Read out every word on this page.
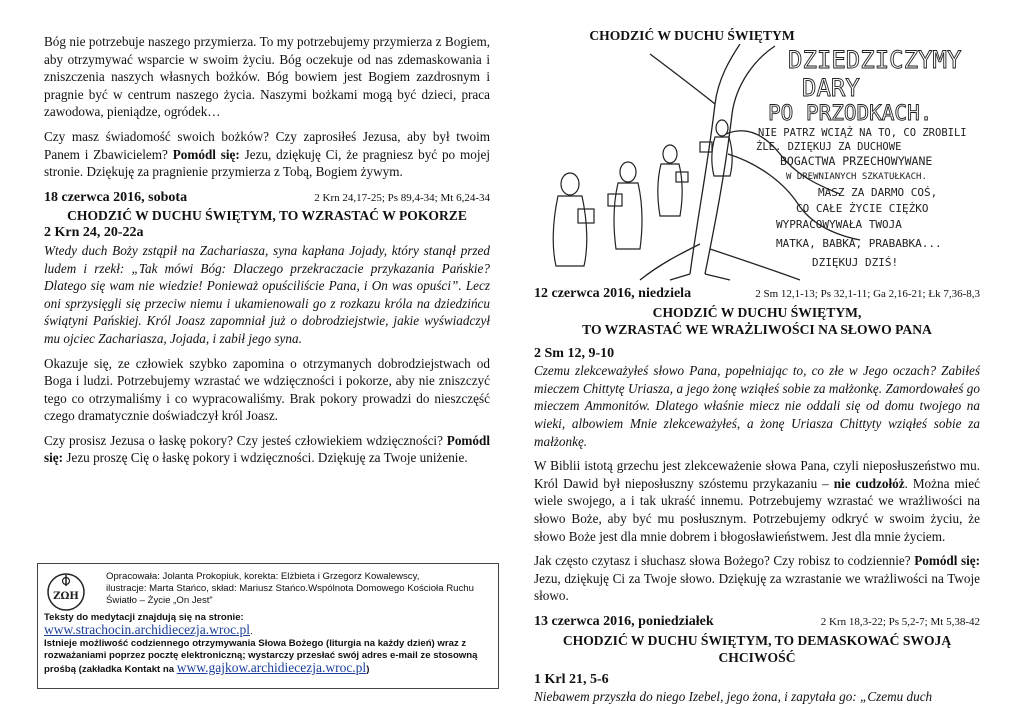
Bóg nie potrzebuje naszego przymierza. To my potrzebujemy przymierza z Bogiem, aby otrzymywać wsparcie w swoim życiu. Bóg oczekuje od nas zdemaskowania i zniszczenia naszych własnych bożków. Bóg bowiem jest Bogiem zazdrosnym i pragnie być w centrum naszego życia. Naszymi bożkami mogą być dzieci, praca zawodowa, pieniądze, ogródek…

Czy masz świadomość swoich bożków? Czy zaprosiłeś Jezusa, aby był twoim Panem i Zbawicielem? Pomódl się: Jezu, dziękuję Ci, że pragniesz być po mojej stronie. Dziękuję za pragnienie przymierza z Tobą, Bogiem żywym.

18 czerwca 2016, sobota	2 Krn 24,17-25; Ps 89,4-34; Mt 6,24-34
CHODZIĆ W DUCHU ŚWIĘTYM, TO WZRASTAĆ W POKORZE
2 Krn 24, 20-22a

Wtedy duch Boży zstąpił na Zachariasza, syna kapłana Jojady, który stanął przed ludem i rzekł: „Tak mówi Bóg: Dlaczego przekraczacie przykazania Pańskie? Dlatego się wam nie wiedzie! Ponieważ opuściliście Pana, i On was opuści”. Lecz oni sprzysięgli się przeciw niemu i ukamienowali go z rozkazu króla na dziedzińcu świątyni Pańskiej. Król Joasz zapomniał już o dobrodziejstwie, jakie wyświadczył mu ojciec Zachariasza, Jojada, i zabił jego syna.

Okazuje się, ze człowiek szybko zapomina o otrzymanych dobrodziejstwach od Boga i ludzi. Potrzebujemy wzrastać we wdzięczności i pokorze, aby nie zniszczyć tego co otrzymaliśmy i co wypracowaliśmy. Brak pokory prowadzi do nieszczęść czego dramatycznie doświadczył król Joasz.

Czy prosisz Jezusa o łaskę pokory? Czy jesteś człowiekiem wdzięczności? Pomódl się: Jezu proszę Cię o łaskę pokory i wdzięczności. Dziękuję za Twoje uniżenie.

ΖΩΗ
Opracowała: Jolanta Prokopiuk, korekta: Elżbieta i Grzegorz Kowalewscy,
ilustracje: Marta Stańco, skład: Mariusz Stańco.Wspólnota Domowego Kościoła Ruchu
Światło – Życie „On Jest”
Teksty do medytacji znajdują się na stronie:
www.strachocin.archidiecezja.wroc.pl.
Istnieje możliwość codziennego otrzymywania Słowa Bożego (liturgia na każdy dzień) wraz z rozważaniami poprzez pocztę elektroniczną; wystarczy przesłać swój adres e-mail ze stosowną prośbą (zakładka Kontakt na www.gajkow.archidiecezja.wroc.pl)
CHODZIĆ W DUCHU ŚWIĘTYM
DZIEDZICZYMY
DARY
PO PRZODKACH.
NIE PATRZ WCIĄŻ NA TO, CO ZROBILI
ŹLE. DZIĘKUJ ZA DUCHOWE
BOGACTWA PRZECHOWYWANE
W DREWNIANYCH SZKATUŁKACH.
MASZ ZA DARMO COŚ,
CO CAŁE ŻYCIE CIĘŻKO
WYPRACOWYWAŁA TWOJA
MATKA, BABKA, PRABABKA...
DZIĘKUJ DZIŚ!
12 czerwca 2016, niedziela	2 Sm 12,1-13; Ps 32,1-11; Ga 2,16-21; Łk 7,36-8,3
CHODZIĆ W DUCHU ŚWIĘTYM,
TO WZRASTAĆ WE WRAŻLIWOŚCI NA SŁOWO PANA
2 Sm 12, 9-10

Czemu zlekceważyłeś słowo Pana, popełniając to, co złe w Jego oczach? Zabiłeś mieczem Chittytę Uriasza, a jego żonę wziąłeś sobie za małżonkę. Zamordowałeś go mieczem Ammonitów. Dlatego właśnie miecz nie oddali się od domu twojego na wieki, albowiem Mnie zlekceważyłeś, a żonę Uriasza Chittyty wziąłeś sobie za małżonkę.

W Biblii istotą grzechu jest zlekceważenie słowa Pana, czyli nieposłuszeństwo mu. Król Dawid był nieposłuszny szóstemu przykazaniu – nie cudzołóż. Można mieć wiele swojego, a i tak ukraść innemu. Potrzebujemy wzrastać we wrażliwości na słowo Boże, aby być mu posłusznym. Potrzebujemy odkryć w swoim życiu, że słowo Boże jest dla mnie dobrem i błogosławieństwem. Jest dla mnie życiem.

Jak często czytasz i słuchasz słowa Bożego? Czy robisz to codziennie? Pomódl się: Jezu, dziękuję Ci za Twoje słowo. Dziękuję za wzrastanie we wrażliwości na Twoje słowo.

13 czerwca 2016, poniedziałek	2 Krn 18,3-22; Ps 5,2-7; Mt 5,38-42
CHODZIĆ W DUCHU ŚWIĘTYM, TO DEMASKOWAĆ SWOJĄ
CHCIWOŚĆ
1 Krl 21, 5-6

Niebawem przyszła do niego Izebel, jego żona, i zapytała go: „Czemu duch
